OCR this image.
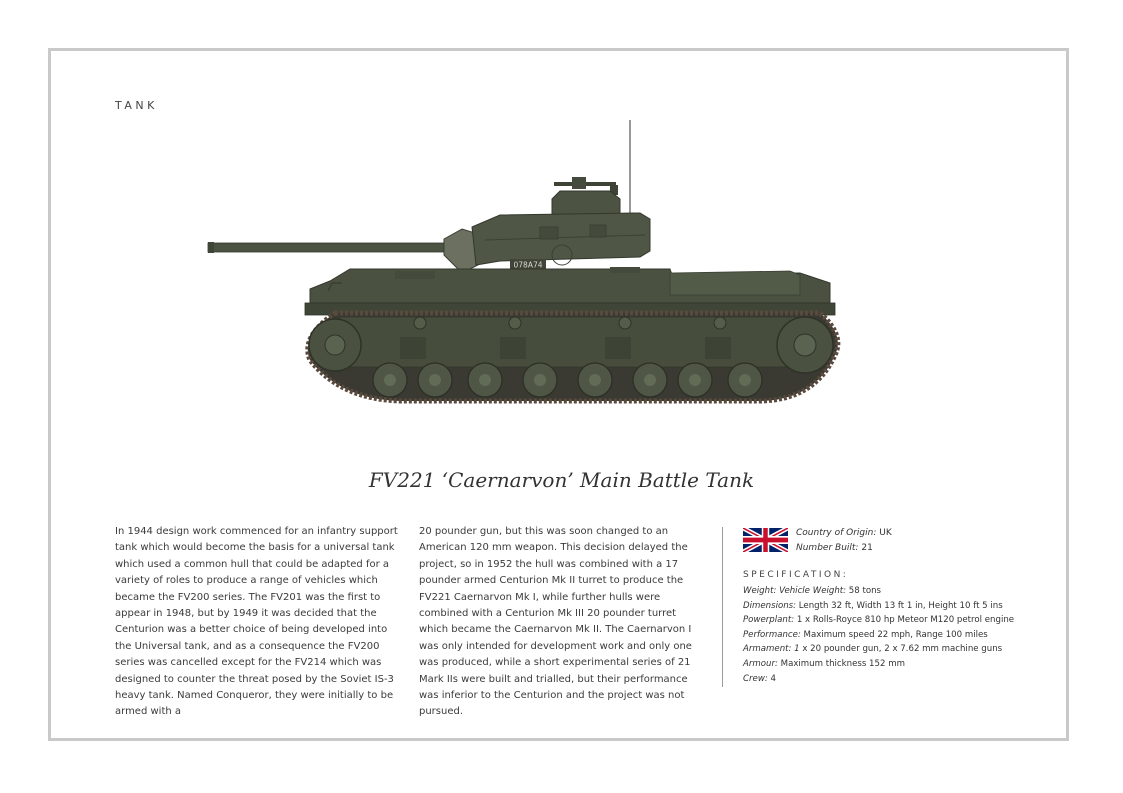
TANK
078A74
FV221 ‘Caernarvon’ Main Battle Tank
In 1944 design work commenced for an infantry support tank which would become the basis for a universal tank which used a common hull that could be adapted for a variety of roles to produce a range of vehicles which became the FV200 series. The FV201 was the first to appear in 1948, but by 1949 it was decided that the Centurion was a better choice of being developed into the Universal tank, and as a consequence the FV200 series was cancelled except for the FV214 which was designed to counter the threat posed by the Soviet IS-3 heavy tank. Named Conqueror, they were initially to be armed with a
20 pounder gun, but this was soon changed to an American 120 mm weapon. This decision delayed the project, so in 1952 the hull was combined with a 17 pounder armed Centurion Mk II turret to produce the FV221 Caernarvon Mk I, while further hulls were combined with a Centurion Mk III 20 pounder turret which became the Caernarvon Mk II. The Caernarvon I was only intended for development work and only one was produced, while a short experimental series of 21 Mark IIs were built and trialled, but their performance was inferior to the Centurion and the project was not pursued.
Country of Origin: UK
Number Built: 21
SPECIFICATION:
Weight: Vehicle Weight: 58 tons
Dimensions: Length 32 ft, Width 13 ft 1 in, Height 10 ft 5 ins
Powerplant: 1 x Rolls-Royce 810 hp Meteor M120 petrol engine
Performance: Maximum speed 22 mph, Range 100 miles
Armament: 1 x 20 pounder gun, 2 x 7.62 mm machine guns
Armour: Maximum thickness 152 mm
Crew: 4
